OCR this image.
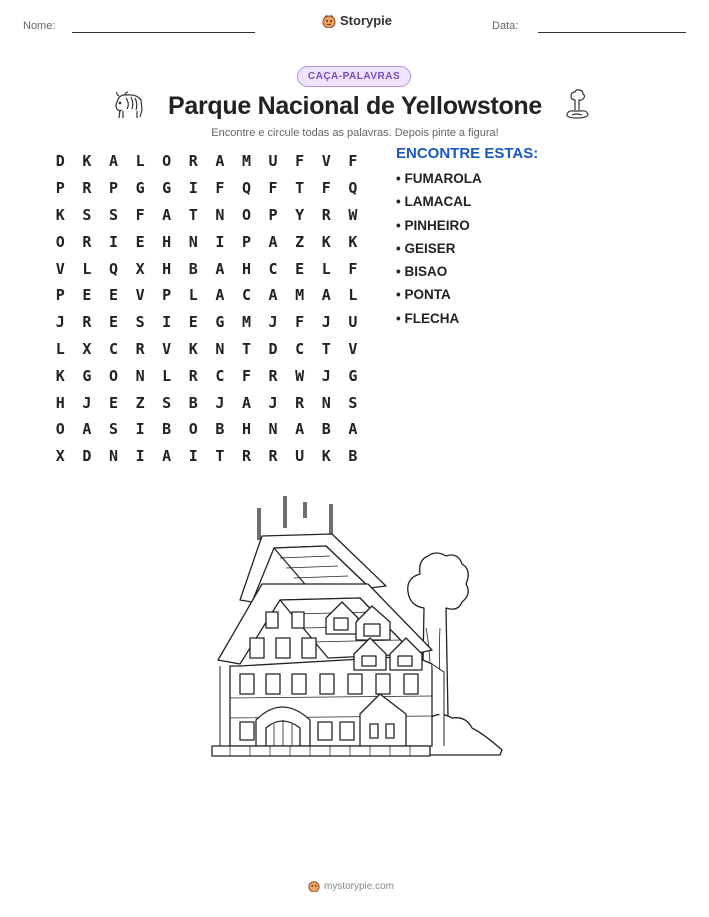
Nome:	Storypie	Data:
CAÇA-PALAVRAS
Parque Nacional de Yellowstone
Encontre e circule todas as palavras. Depois pinte a figura!
D	K	A	L	O	R	A	M	U	F	V	F
P	R	P	G	G	I	F	Q	F	T	F	Q
K	S	S	F	A	T	N	O	P	Y	R	W
O	R	I	E	H	N	I	P	A	Z	K	K
V	L	Q	X	H	B	A	H	C	E	L	F
P	E	E	V	P	L	A	C	A	M	A	L
J	R	E	S	I	E	G	M	J	F	J	U
L	X	C	R	V	K	N	T	D	C	T	V
K	G	O	N	L	R	C	F	R	W	J	G
H	J	E	Z	S	B	J	A	J	R	N	S
O	A	S	I	B	O	B	H	N	A	B	A
X	D	N	I	A	I	T	R	R	U	K	B
ENCONTRE ESTAS:
• FUMAROLA
• LAMACAL
• PINHEIRO
• GEISER
• BISAO
• PONTA
• FLECHA
mystorypie.com
